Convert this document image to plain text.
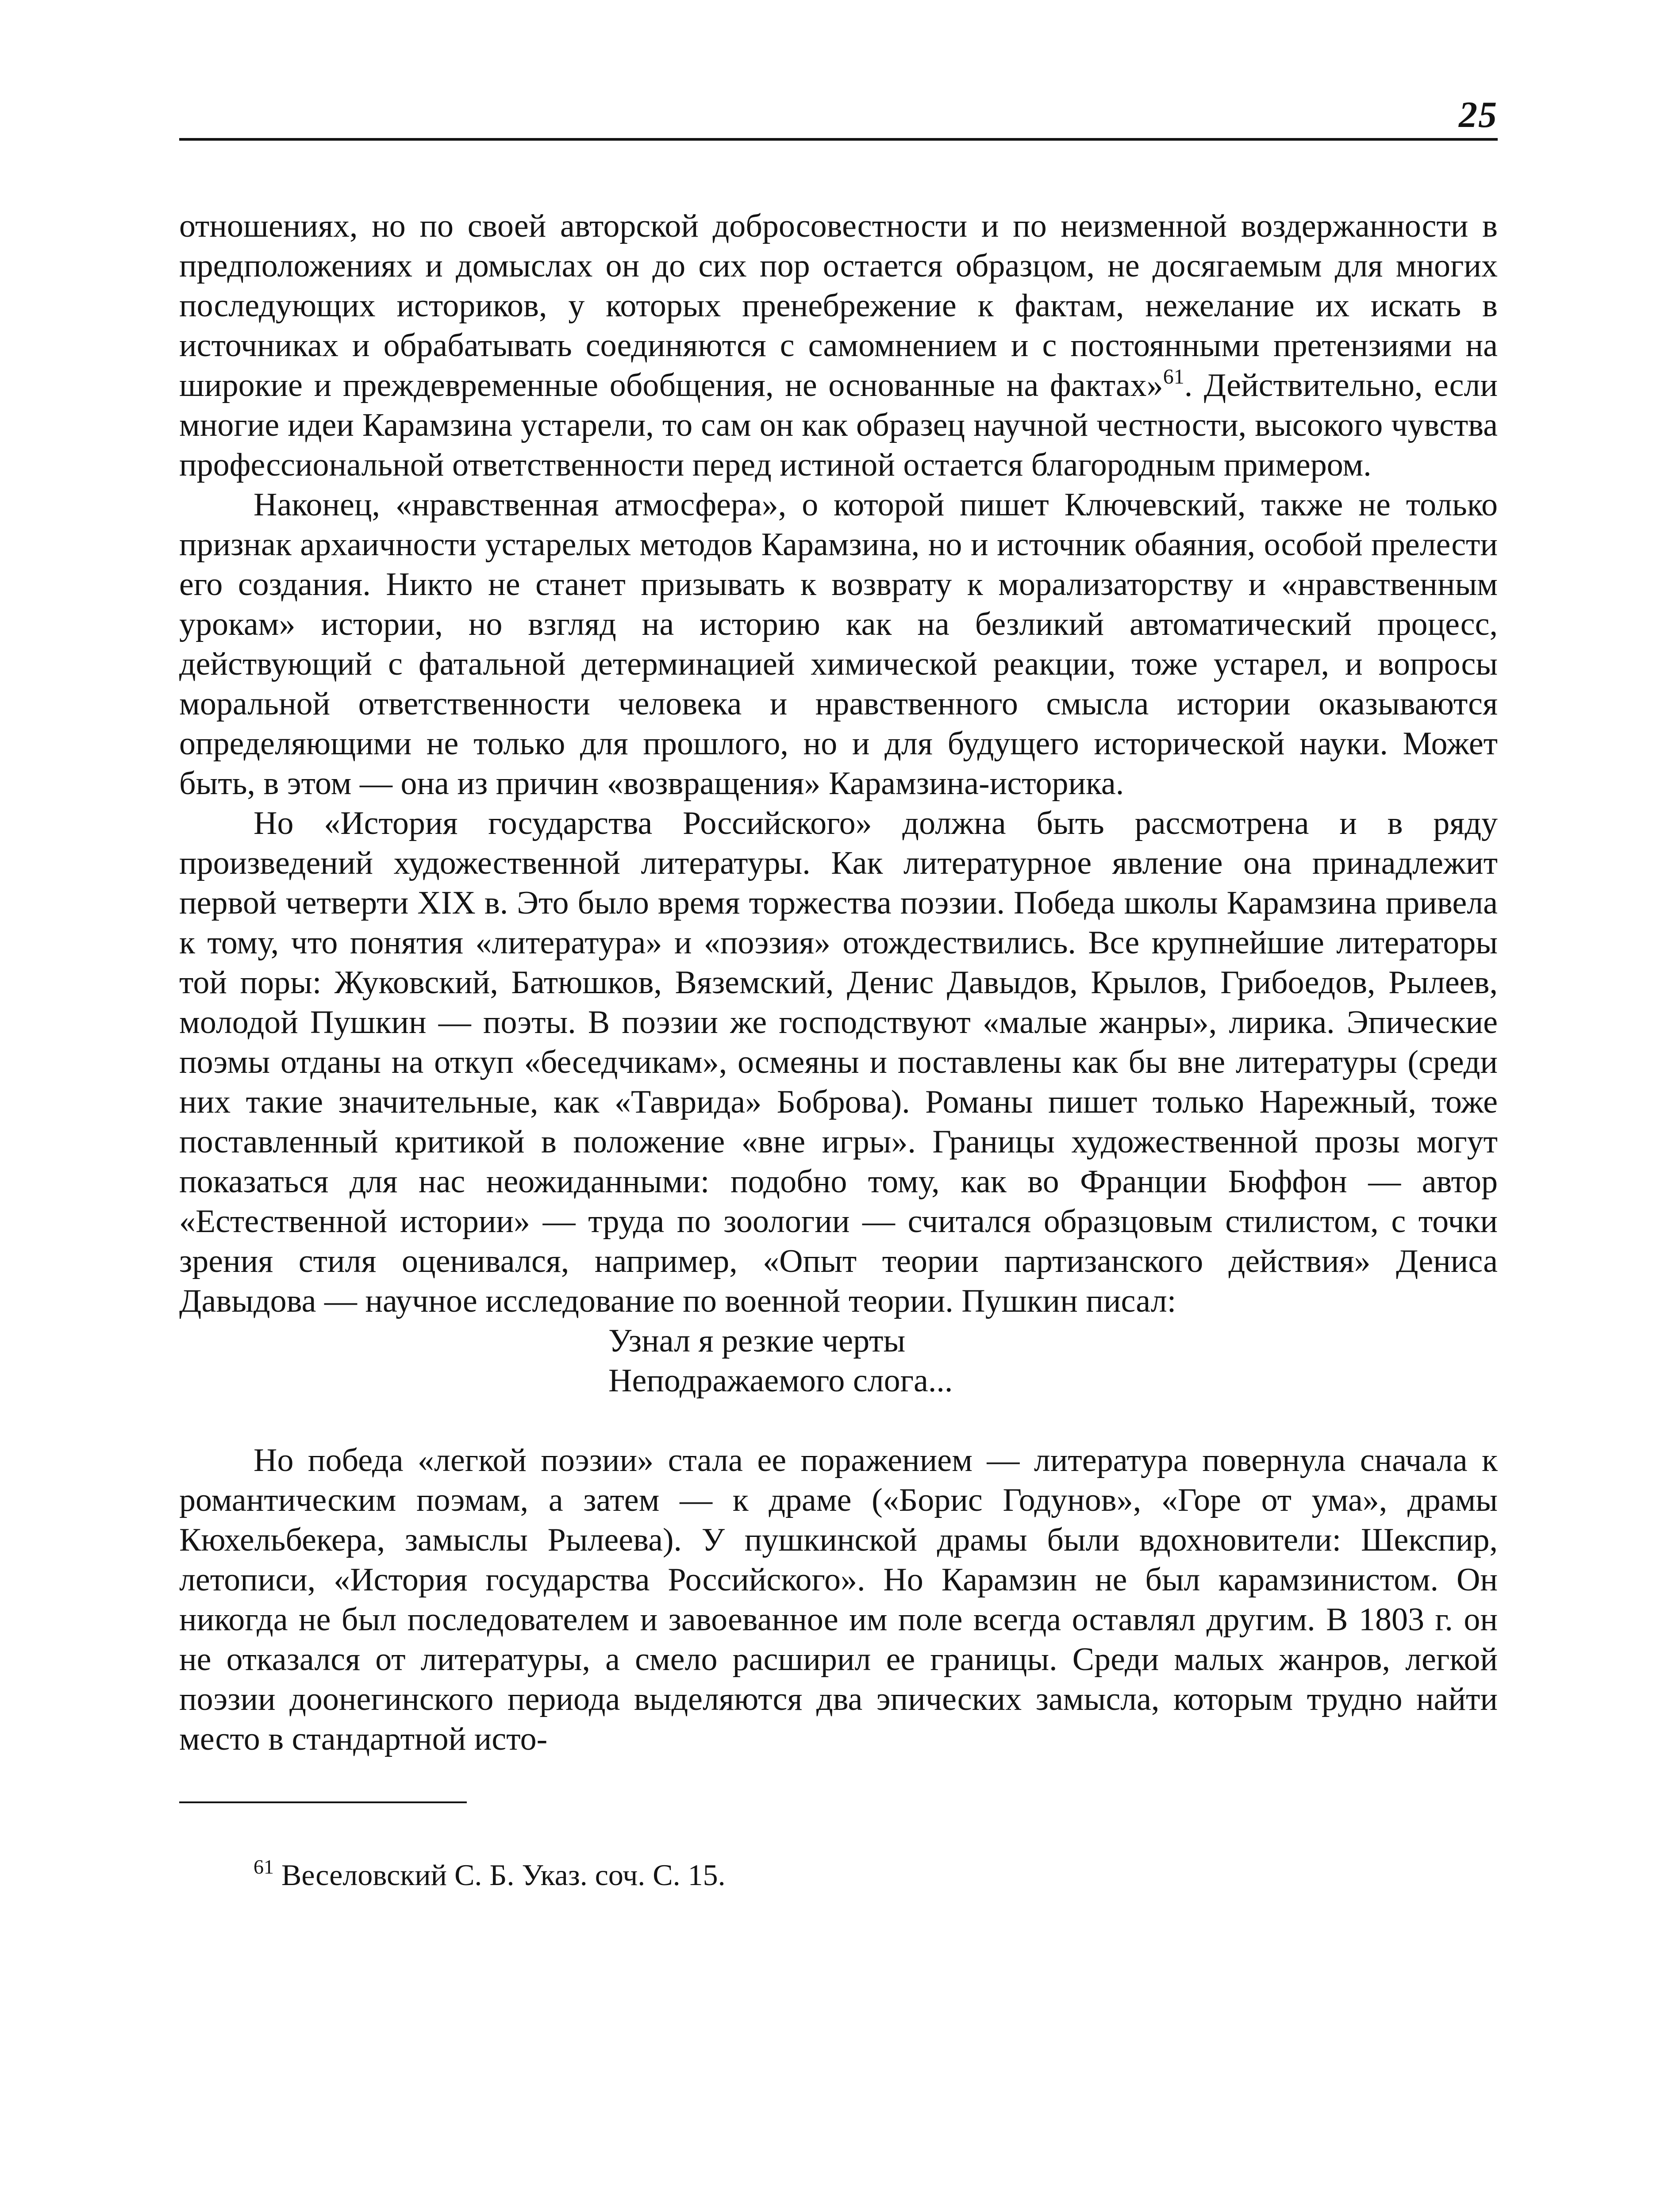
25

отношениях, но по своей авторской добросовестности и по неизменной воздержанности в предположениях и домыслах он до сих пор остается образцом, не досягаемым для многих последующих историков, у которых пренебрежение к фактам, нежелание их искать в источниках и обрабатывать соединяются с самомнением и с постоянными претензиями на широкие и преждевременные обобщения, не основанные на фактах»$^{61}$. Действительно, если многие идеи Карамзина устарели, то сам он как образец научной честности, высокого чувства профессиональной ответственности перед истиной остается благородным примером.

Наконец, «нравственная атмосфера», о которой пишет Ключевский, также не только признак архаичности устарелых методов Карамзина, но и источник обаяния, особой прелести его создания. Никто не станет призывать к возврату к морализаторству и «нравственным урокам» истории, но взгляд на историю как на безликий автоматический процесс, действующий с фатальной детерминацией химической реакции, тоже устарел, и вопросы моральной ответственности человека и нравственного смысла истории оказываются определяющими не только для прошлого, но и для будущего исторической науки. Может быть, в этом — она из причин «возвращения» Карамзина-историка.

Но «История государства Российского» должна быть рассмотрена и в ряду произведений художественной литературы. Как литературное явление она принадлежит первой четверти XIX в. Это было время торжества поэзии. Победа школы Карамзина привела к тому, что понятия «литература» и «поэзия» отождествились. Все крупнейшие литераторы той поры: Жуковский, Батюшков, Вяземский, Денис Давыдов, Крылов, Грибоедов, Рылеев, молодой Пушкин — поэты. В поэзии же господствуют «малые жанры», лирика. Эпические поэмы отданы на откуп «беседчикам», осмеяны и поставлены как бы вне литературы (среди них такие значительные, как «Таврида» Боброва). Романы пишет только Нарежный, тоже поставленный критикой в положение «вне игры». Границы художественной прозы могут показаться для нас неожиданными: подобно тому, как во Франции Бюффон — автор «Естественной истории» — труда по зоологии — считался образцовым стилистом, с точки зрения стиля оценивался, например, «Опыт теории партизанского действия» Дениса Давыдова — научное исследование по военной теории. Пушкин писал:

Узнал я резкие черты
Неподражаемого слога...

Но победа «легкой поэзии» стала ее поражением — литература повернула сначала к романтическим поэмам, а затем — к драме («Борис Годунов», «Горе от ума», драмы Кюхельбекера, замыслы Рылеева). У пушкинской драмы были вдохновители: Шекспир, летописи, «История государства Российского». Но Карамзин не был карамзинистом. Он никогда не был последователем и завоеванное им поле всегда оставлял другим. В 1803 г. он не отказался от литературы, а смело расширил ее границы. Среди малых жанров, легкой поэзии доонегинского периода выделяются два эпических замысла, которым трудно найти место в стандартной исто-

$^{61}$ Веселовский С. Б. Указ. соч. С. 15.
